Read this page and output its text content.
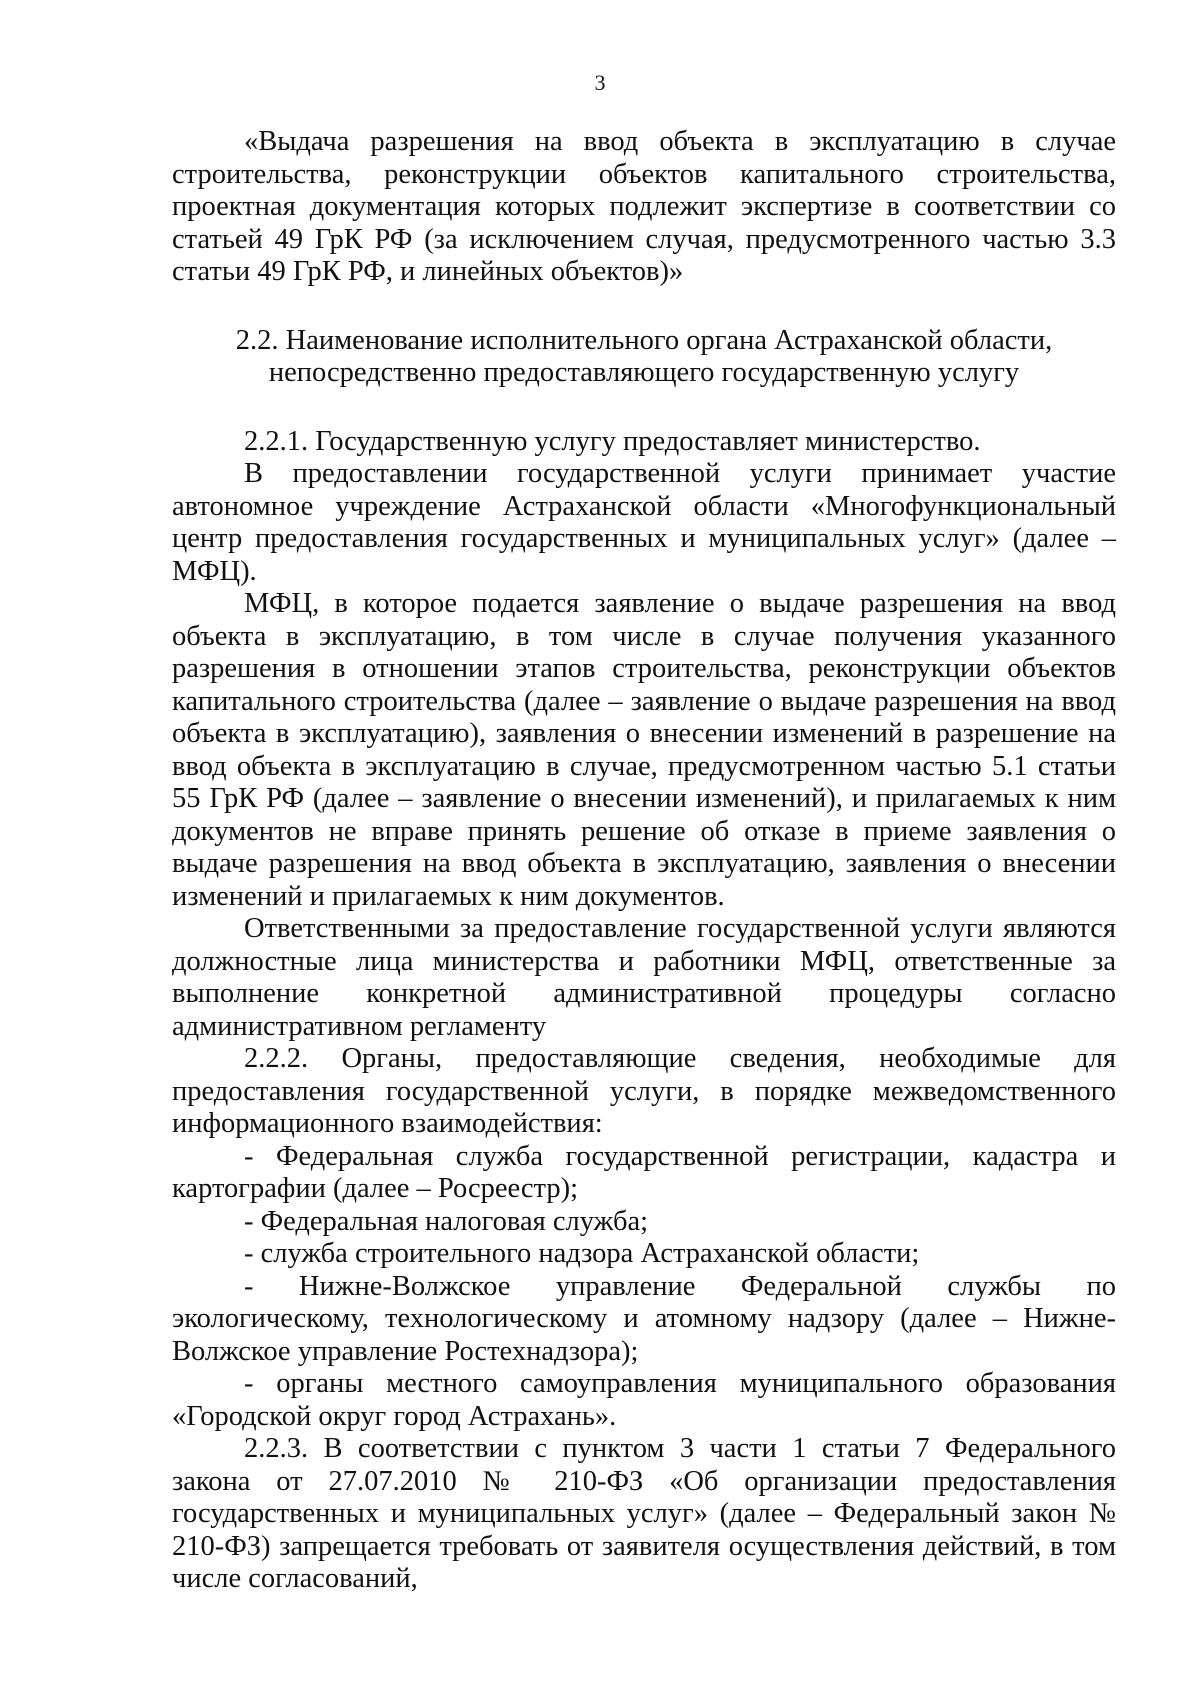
3

«Выдача разрешения на ввод объекта в эксплуатацию в случае строительства, реконструкции объектов капитального строительства, проектная документация которых подлежит экспертизе в соответствии со статьей 49 ГрК РФ (за исключением случая, предусмотренного частью 3.3 статьи 49 ГрК РФ, и линейных объектов)»

2.2. Наименование исполнительного органа Астраханской области,
непосредственно предоставляющего государственную услугу

2.2.1. Государственную услугу предоставляет министерство.

В предоставлении государственной услуги принимает участие автономное учреждение Астраханской области «Многофункциональный центр предоставления государственных и муниципальных услуг» (далее – МФЦ).

МФЦ, в которое подается заявление о выдаче разрешения на ввод объекта в эксплуатацию, в том числе в случае получения указанного разрешения в отношении этапов строительства, реконструкции объектов капитального строительства (далее – заявление о выдаче разрешения на ввод объекта в эксплуатацию), заявления о внесении изменений в разрешение на ввод объекта в эксплуатацию в случае, предусмотренном частью 5.1 статьи 55 ГрК РФ (далее – заявление о внесении изменений), и прилагаемых к ним документов не вправе принять решение об отказе в приеме заявления о выдаче разрешения на ввод объекта в эксплуатацию, заявления о внесении изменений и прилагаемых к ним документов.

Ответственными за предоставление государственной услуги являются должностные лица министерства и работники МФЦ, ответственные за выполнение конкретной административной процедуры согласно административном регламенту

2.2.2. Органы, предоставляющие сведения, необходимые для предоставления государственной услуги, в порядке межведомственного информационного взаимодействия:

- Федеральная служба государственной регистрации, кадастра и картографии (далее – Росреестр);

- Федеральная налоговая служба;

- служба строительного надзора Астраханской области;

- Нижне-Волжское управление Федеральной службы по экологическому, технологическому и атомному надзору (далее – Нижне-Волжское управление Ростехнадзора);

- органы местного самоуправления муниципального образования «Городской округ город Астрахань».

2.2.3. В соответствии с пунктом 3 части 1 статьи 7 Федерального закона от 27.07.2010 № 210-ФЗ «Об организации предоставления государственных и муниципальных услуг» (далее – Федеральный закон № 210-ФЗ) запрещается требовать от заявителя осуществления действий, в том числе согласований,
